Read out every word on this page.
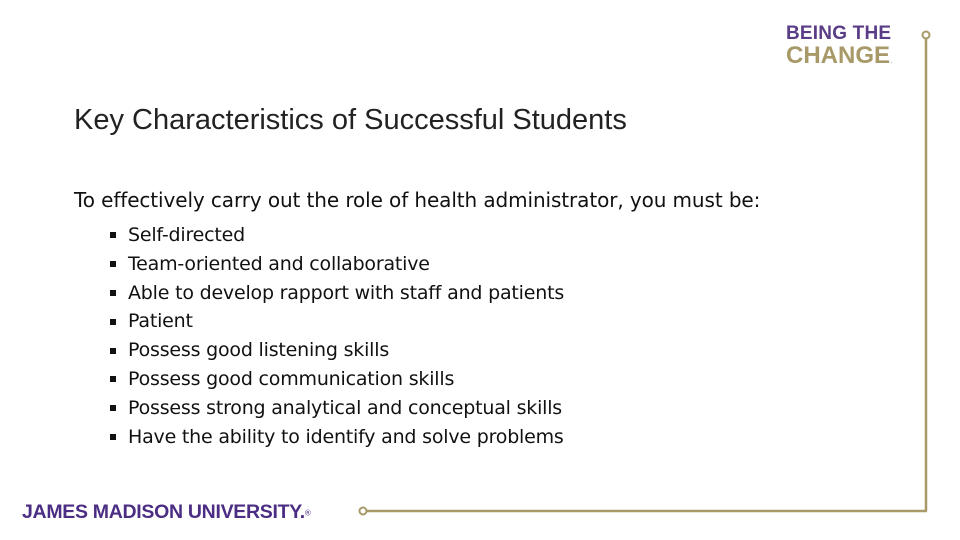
BEING THE
CHANGE.
Key Characteristics of Successful Students
To effectively carry out the role of health administrator, you must be:
Self-directed
Team-oriented and collaborative
Able to develop rapport with staff and patients
Patient
Possess good listening skills
Possess good communication skills
Possess strong analytical and conceptual skills
Have the ability to identify and solve problems
JAMES MADISON UNIVERSITY.®
